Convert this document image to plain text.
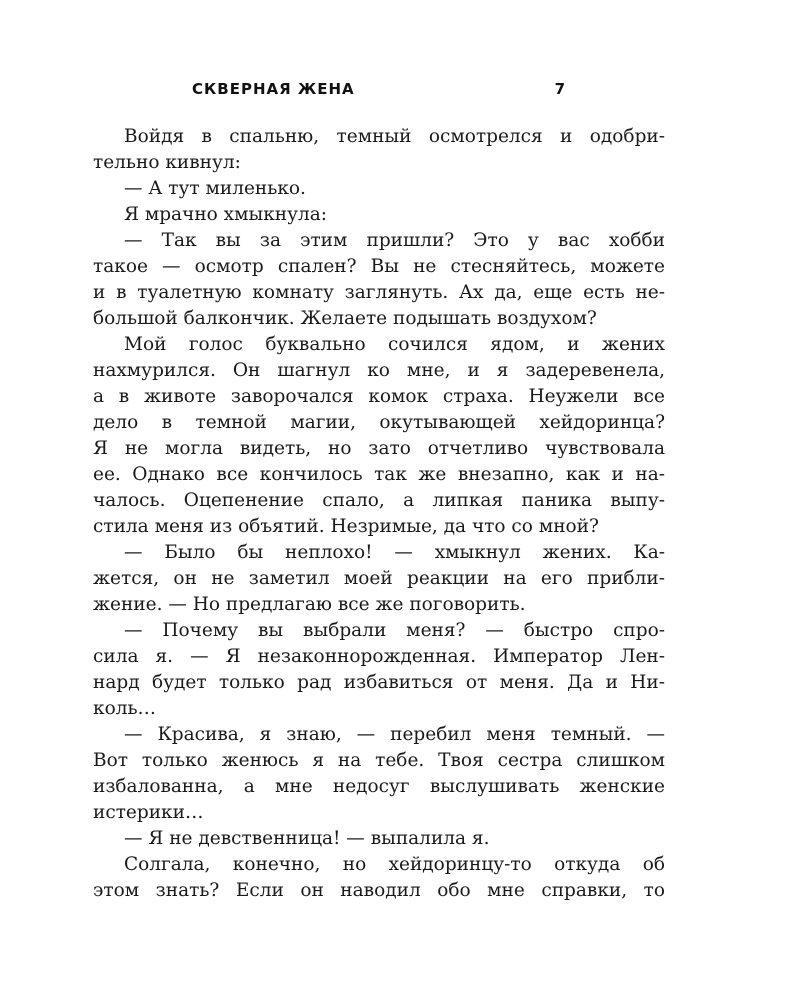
СКВЕРНАЯ ЖЕНА	7
Войдя в спальню, темный осмотрелся и одобри-
тельно кивнул:
— А тут миленько.
Я мрачно хмыкнула:
— Так вы за этим пришли? Это у вас хобби
такое — осмотр спален? Вы не стесняйтесь, можете
и в туалетную комнату заглянуть. Ах да, еще есть не-
большой балкончик. Желаете подышать воздухом?
Мой голос буквально сочился ядом, и жених
нахмурился. Он шагнул ко мне, и я задеревенела,
а в животе заворочался комок страха. Неужели все
дело в темной магии, окутывающей хейдоринца?
Я не могла видеть, но зато отчетливо чувствовала
ее. Однако все кончилось так же внезапно, как и на-
чалось. Оцепенение спало, а липкая паника выпу-
стила меня из объятий. Незримые, да что со мной?
— Было бы неплохо! — хмыкнул жених. Ка-
жется, он не заметил моей реакции на его прибли-
жение. — Но предлагаю все же поговорить.
— Почему вы выбрали меня? — быстро спро-
сила я. — Я незаконнорожденная. Император Лен-
нард будет только рад избавиться от меня. Да и Ни-
коль…
— Красива, я знаю, — перебил меня темный. —
Вот только женюсь я на тебе. Твоя сестра слишком
избалованна, а мне недосуг выслушивать женские
истерики…
— Я не девственница! — выпалила я.
Солгала, конечно, но хейдоринцу-то откуда об
этом знать? Если он наводил обо мне справки, то
